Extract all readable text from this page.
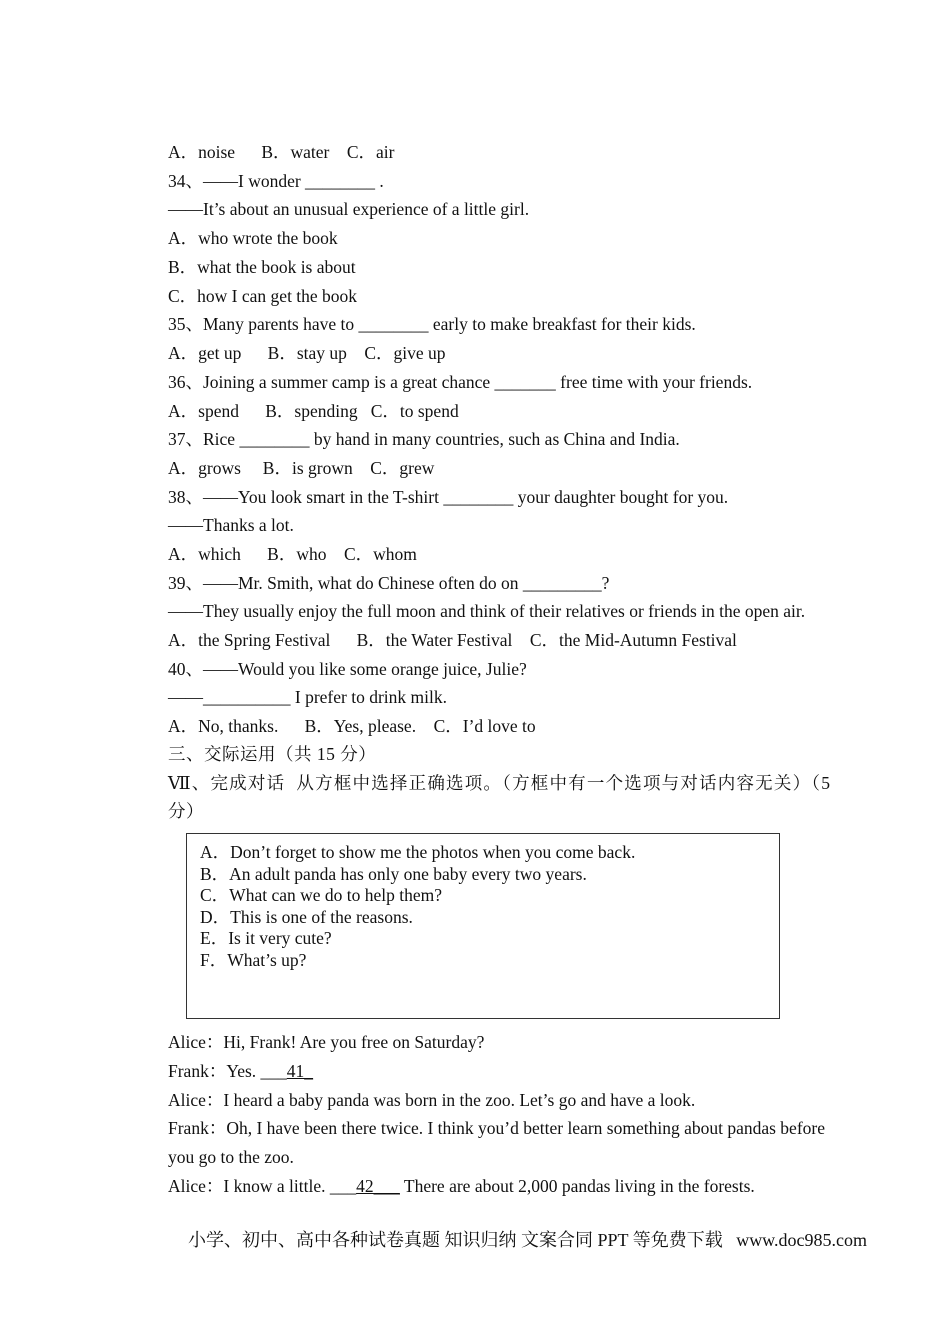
A．noise      B．water    C．air
34、——I wonder ________ .
——It’s about an unusual experience of a little girl.
A．who wrote the book
B．what the book is about
C．how I can get the book
35、Many parents have to ________ early to make breakfast for their kids.
A．get up      B．stay up    C．give up
36、Joining a summer camp is a great chance _______ free time with your friends.
A．spend      B．spending   C．to spend
37、Rice ________ by hand in many countries, such as China and India.
A．grows     B．is grown    C．grew
38、——You look smart in the T-shirt ________ your daughter bought for you.
——Thanks a lot.
A．which      B．who    C．whom
39、——Mr. Smith, what do Chinese often do on _________?
——They usually enjoy the full moon and think of their relatives or friends in the open air.
A．the Spring Festival      B．the Water Festival    C．the Mid-Autumn Festival
40、——Would you like some orange juice, Julie?
——__________ I prefer to drink milk.
A．No, thanks.      B．Yes, please.    C．I’d love to
三、交际运用（共 15 分）
Ⅶ、完成对话  从方框中选择正确选项。（方框中有一个选项与对话内容无关）（5
分）
A．Don’t forget to show me the photos when you come back.
B．An adult panda has only one baby every two years.
C．What can we do to help them?
D．This is one of the reasons.
E．Is it very cute?
F．What’s up?
Alice：Hi, Frank! Are you free on Saturday?
Frank：Yes. ___41_
Alice：I heard a baby panda was born in the zoo. Let’s go and have a look.
Frank：Oh, I have been there twice. I think you’d better learn something about pandas before
you go to the zoo.
Alice：I know a little. ___42___ There are about 2,000 pandas living in the forests.
小学、初中、高中各种试卷真题 知识归纳 文案合同 PPT 等免费下载   www.doc985.com
